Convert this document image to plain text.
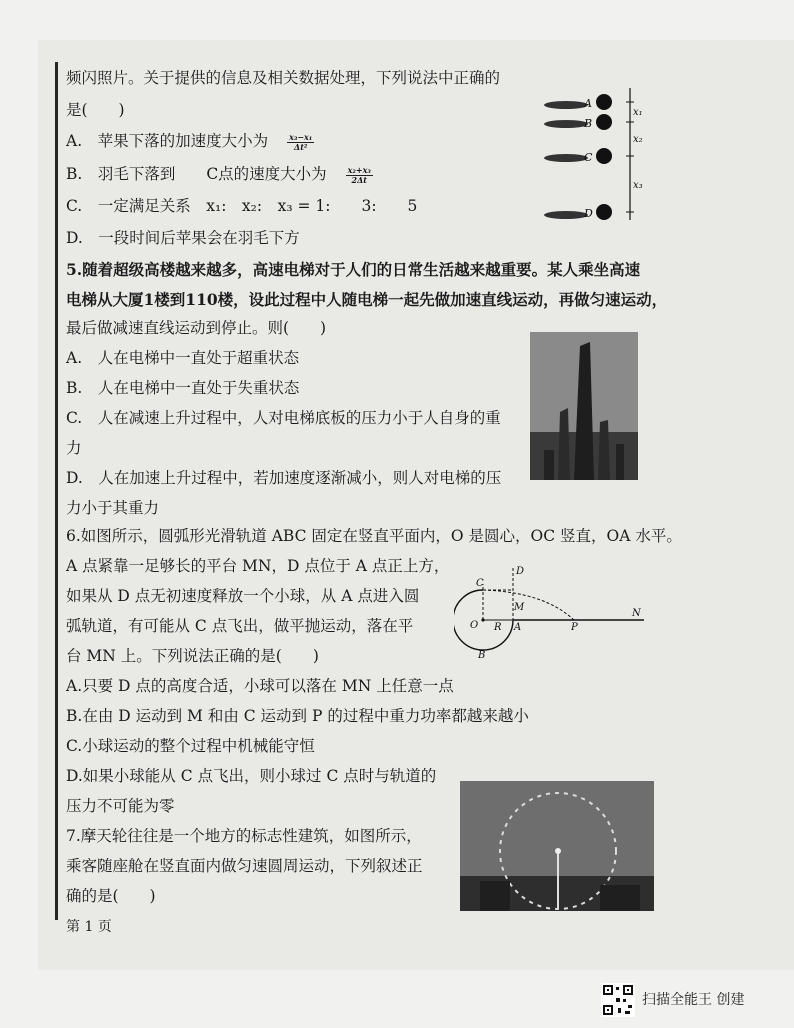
频闪照片。关于提供的信息及相关数据处理，下列说法中正确的
是(　　)
A.　苹果下落的加速度大小为 $\frac{\text{x₃−x₁}}{\text{Δt²}}$
B.　羽毛下落到　　C点的速度大小为 $\frac{\text{x₂+x₃}}{2\Delta t}$
C.　一定满足关系　x₁:　x₂:　x₃ = 1:　　3:　　5
D.　一段时间后苹果会在羽毛下方
A
B
C
D
x₁
x₂
x₃
5.随着超级高楼越来越多，高速电梯对于人们的日常生活越来越重要。某人乘坐高速
电梯从大厦1楼到110楼，设此过程中人随电梯一起先做加速直线运动，再做匀速运动，
最后做减速直线运动到停止。则(　　)
A.　人在电梯中一直处于超重状态
B.　人在电梯中一直处于失重状态
C.　人在减速上升过程中，人对电梯底板的压力小于人自身的重
力
D.　人在加速上升过程中，若加速度逐渐减小，则人对电梯的压
力小于其重力
6.如图所示，圆弧形光滑轨道 ABC 固定在竖直平面内，O 是圆心，OC 竖直，OA 水平。
A 点紧靠一足够长的平台 MN，D 点位于 A 点正上方，
如果从 D 点无初速度释放一个小球，从 A 点进入圆
弧轨道，有可能从 C 点飞出，做平抛运动，落在平
台 MN 上。下列说法正确的是(　　)
A.只要 D 点的高度合适，小球可以落在 MN 上任意一点
B.在由 D 运动到 M 和由 C 运动到 P 的过程中重力功率都越来越小
C.小球运动的整个过程中机械能守恒
D.如果小球能从 C 点飞出，则小球过 C 点时与轨道的
压力不可能为零
C
D
M
O R A	P
N
B
7.摩天轮往往是一个地方的标志性建筑，如图所示，
乘客随座舱在竖直面内做匀速圆周运动，下列叙述正
确的是(　　)
第 1 页
扫描全能王 创建
